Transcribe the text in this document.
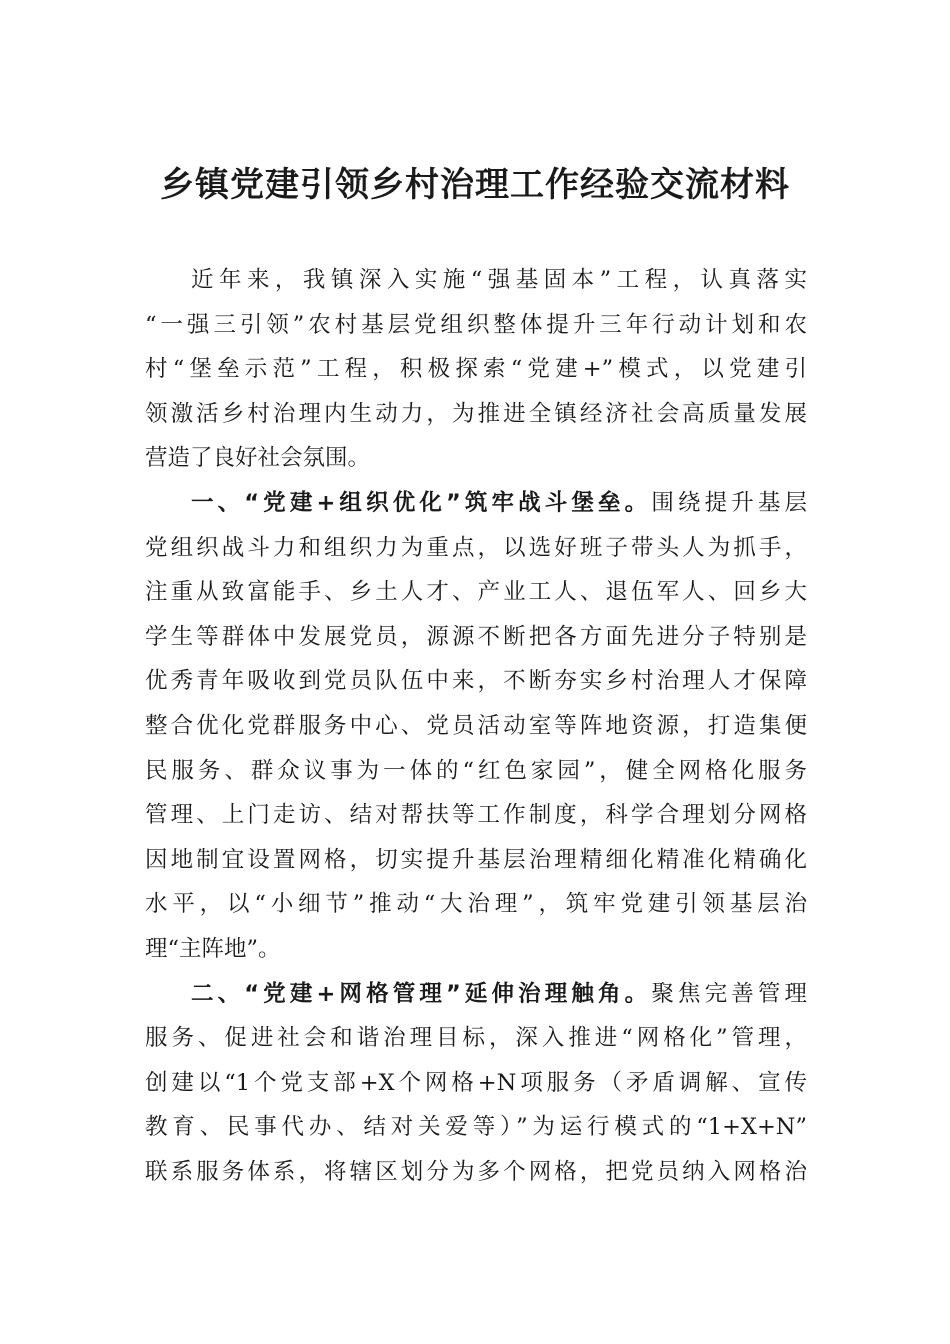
乡镇党建引领乡村治理工作经验交流材料
近年来，我镇深入实施“强基固本”工程，认真落实
“一强三引领”农村基层党组织整体提升三年行动计划和农
村“堡垒示范”工程，积极探索“党建+”模式，以党建引
领激活乡村治理内生动力，为推进全镇经济社会高质量发展
营造了良好社会氛围。
一、“党建+组织优化”筑牢战斗堡垒。围绕提升基层
党组织战斗力和组织力为重点，以选好班子带头人为抓手，
注重从致富能手、乡土人才、产业工人、退伍军人、回乡大
学生等群体中发展党员，源源不断把各方面先进分子特别是
优秀青年吸收到党员队伍中来，不断夯实乡村治理人才保障
整合优化党群服务中心、党员活动室等阵地资源，打造集便
民服务、群众议事为一体的“红色家园”，健全网格化服务
管理、上门走访、结对帮扶等工作制度，科学合理划分网格
因地制宜设置网格，切实提升基层治理精细化精准化精确化
水平，以“小细节”推动“大治理”，筑牢党建引领基层治
理“主阵地”。
二、“党建+网格管理”延伸治理触角。聚焦完善管理
服务、促进社会和谐治理目标，深入推进“网格化”管理，
创建以“1个党支部+X个网格+N项服务（矛盾调解、宣传
教育、民事代办、结对关爱等）”为运行模式的“1+X+N”
联系服务体系，将辖区划分为多个网格，把党员纳入网格治
